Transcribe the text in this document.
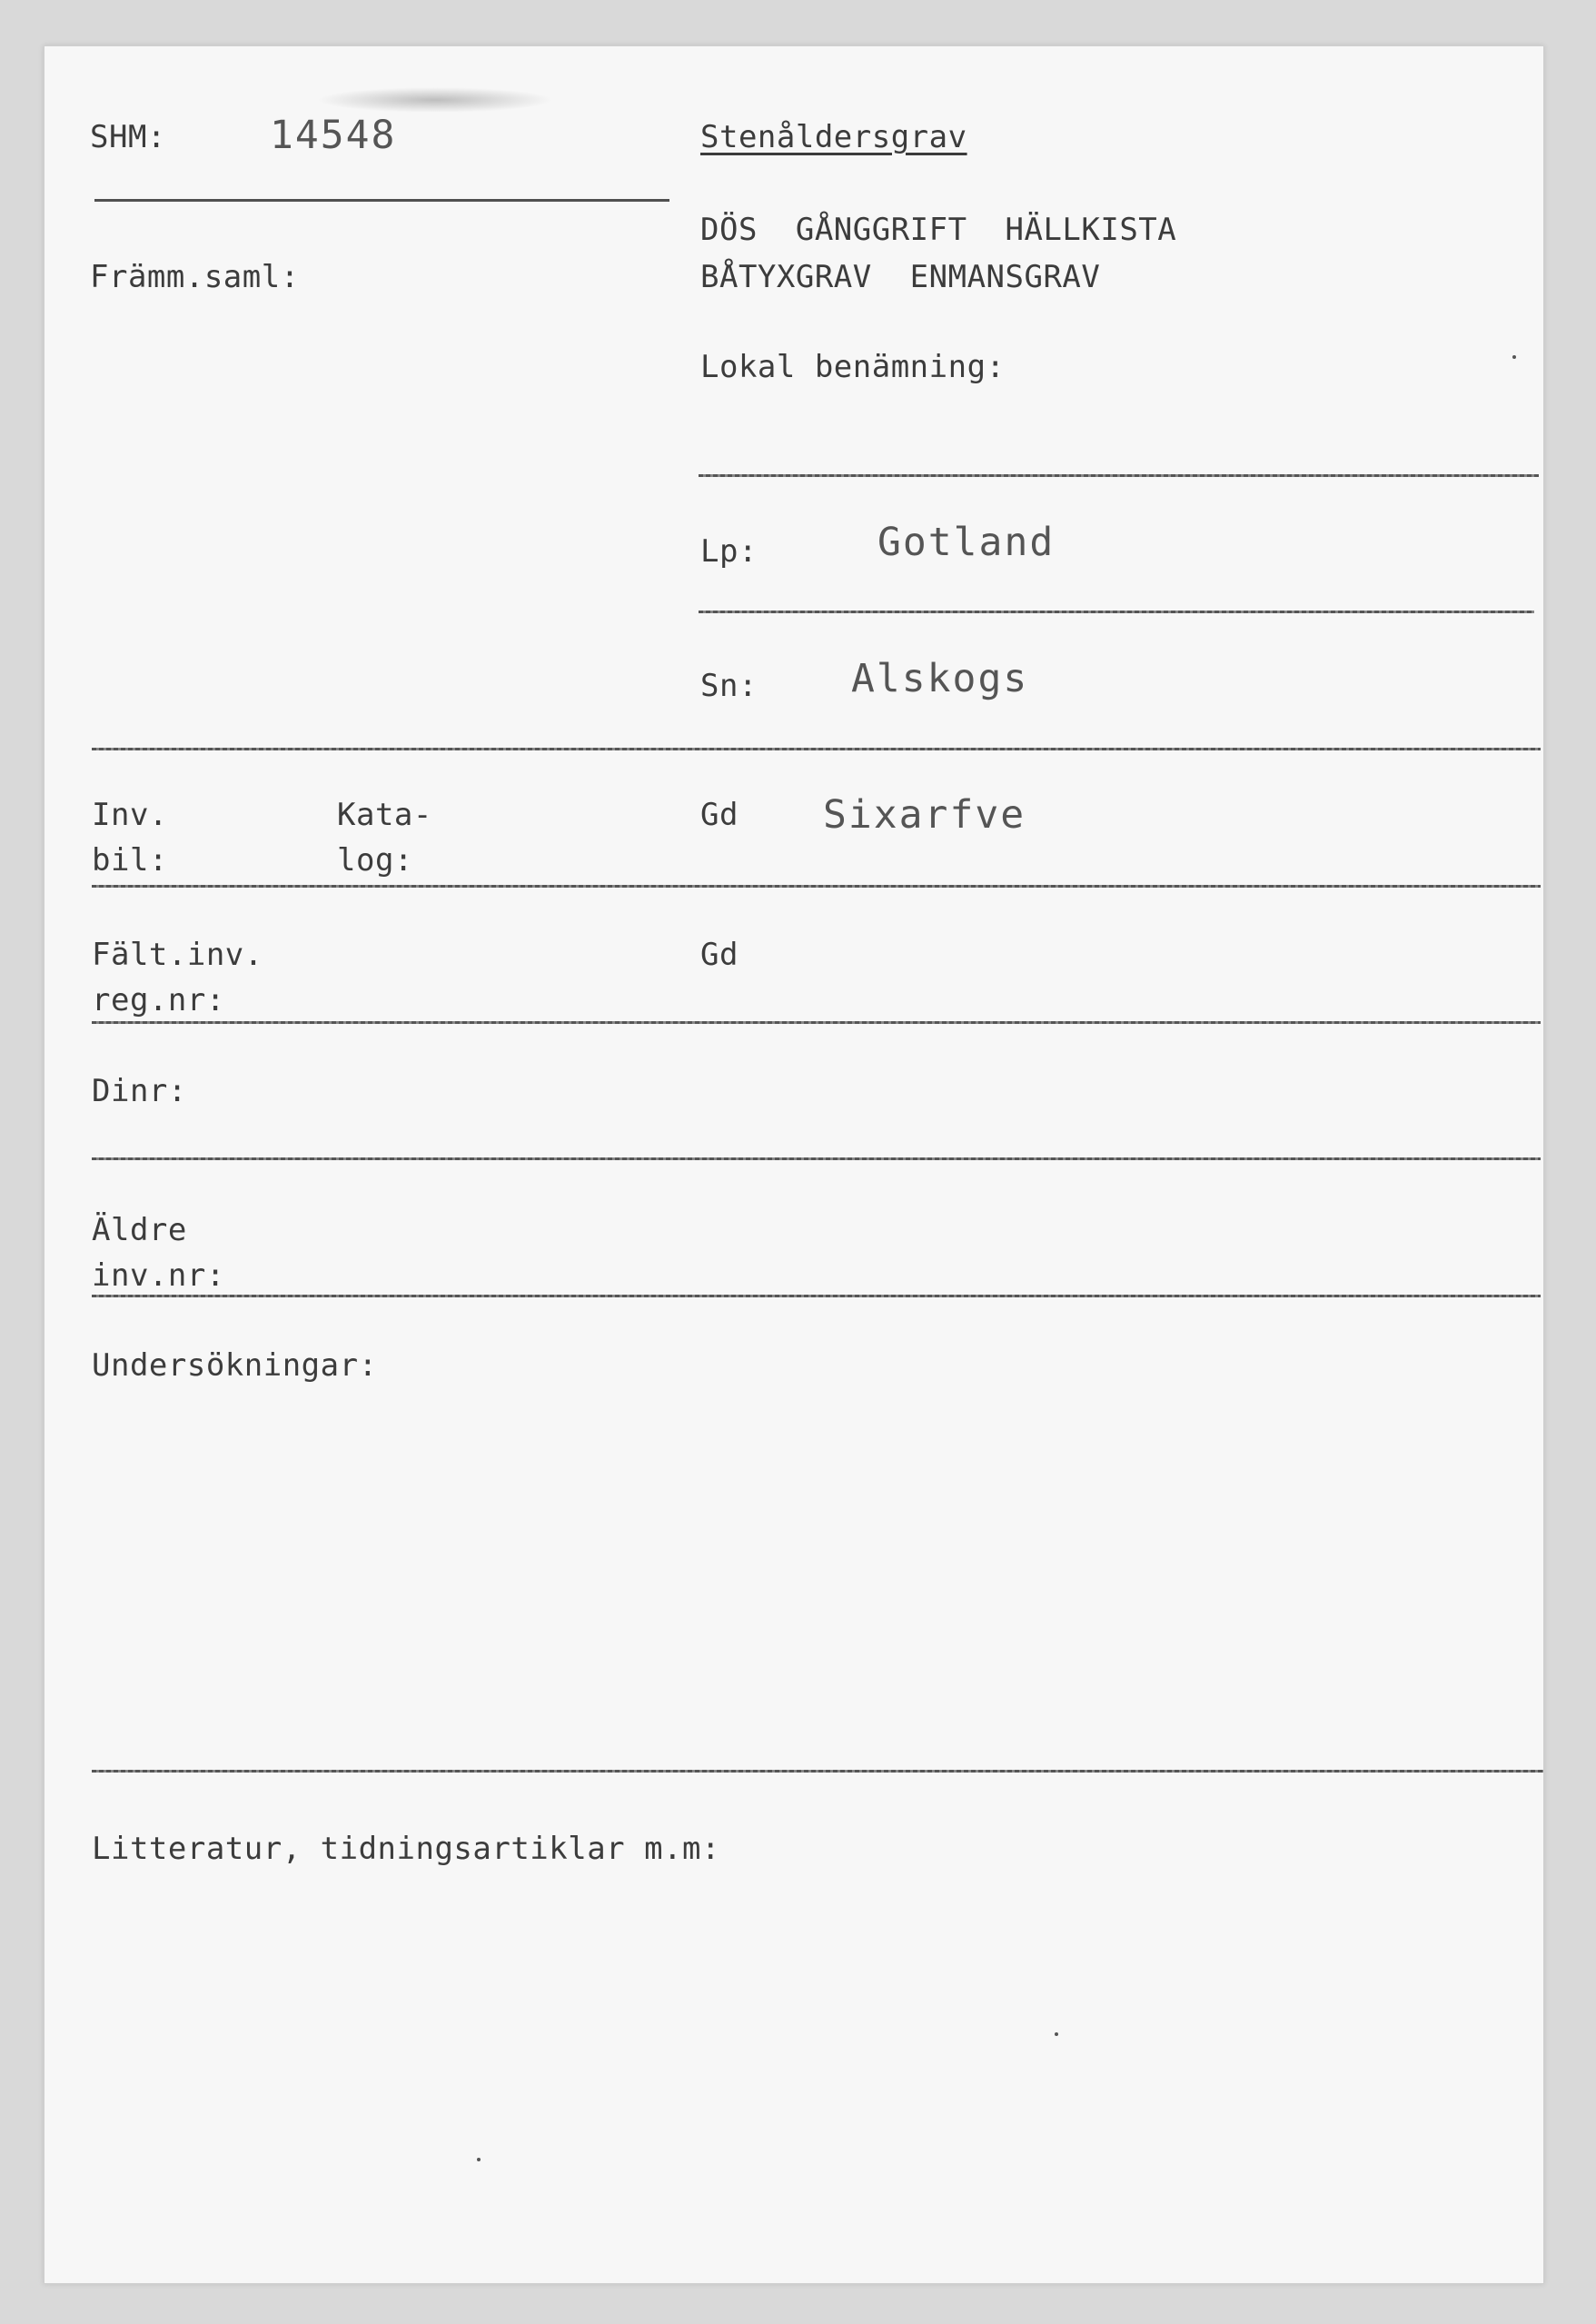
SHM:	14548	Stenåldersgrav
DÖS  GÅNGGRIFT  HÄLLKISTA
BÅTYXGRAV  ENMANSGRAV
Främm.saml:
Lokal benämning:
Lp:	Gotland
Sn: Alskogs
Inv.
bil:
Kata-
log:
Gd Sixarfve
Fält.inv.
reg.nr:
Gd
Dinr:
Äldre
inv.nr:
Undersökningar:
Litteratur, tidningsartiklar m.m:
